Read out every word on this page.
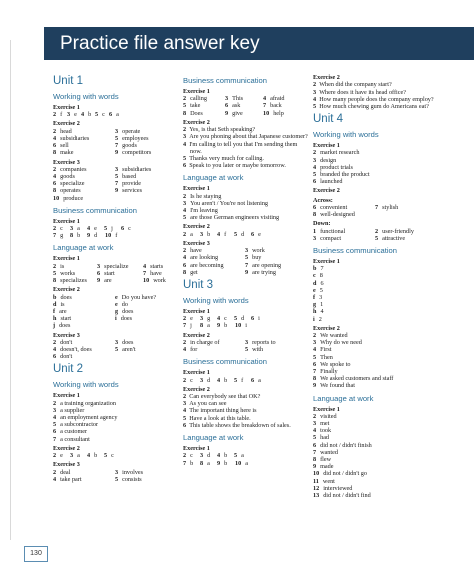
Practice file answer key
Unit 1
Working with words
Exercise 1
2 f 3 e 4 b 5 c 6 a
Exercise 2
2 head	3 operate
4 subsidiaries	5 employees
6 sell	7 goods
8 make	9 competitors
Exercise 3
2 companies	3 subsidiaries
4 goods	5 based
6 specialize	7 provide
8 operates	9 services
10 produce
Business communication
Exercise 1
2 c 3 a 4 e 5 j 6 c
7 g 8 b 9 d 10 f
Language at work
Exercise 1
2 is	3 specialize 4 starts
5 works	6 start	7 have
8 specializes 9 are	10 work
Exercise 2
b does	e Do you have?
d is	e do
f are	g does
h start	i does
j does
Exercise 3
2 don't	3 does
4 doesn't, does	5 aren't
6 don't
Unit 2
Working with words
Exercise 1
2 a training organization
3 a supplier
4 an employment agency
5 a subcontractor
6 a customer
7 a consultant
Exercise 2
2 e 3 a 4 b 5 c
Exercise 3
2 deal	3 involves
4 take part	5 consists
Business communication
Exercise 1
2 calling	3 This	4 afraid
5 take	6 ask	7 back
8 Does	9 give	10 help
Exercise 2
2  Yes, is that Seth speaking?
3  Are you phoning about that Japanese customer?
4  I'm calling to tell you that I'm sending them now.
5  Thanks very much for calling.
6  Speak to you later or maybe tomorrow.
Language at work
Exercise 1
2 Is he staying
3 You aren't / You're not listening
4 I'm leaving
5 are those German engineers visiting
Exercise 2
2 a 3 b 4 f 5 d 6 e
Exercise 3
2 have	3 work
4 are looking	5 buy
6 are becoming	7 are opening
8 get	9 are trying
Unit 3
Working with words
Exercise 1
2 e 3 g 4 c 5 d 6 i
7 j 8 a 9 b 10 i
Exercise 2
2 in charge of	3 reports to
4 for	5 with
Business communication
Exercise 1
2 c 3 d 4 b 5 f 6 a
Exercise 2
2  Can everybody see that OK?
3  As you can see
4  The important thing here is
5  Have a look at this table.
6  This table shows the breakdown of sales.
Language at work
Exercise 1
2 c 3 d 4 b 5 a
7 b 8 a 9 b 10 a
Exercise 2
2  When did the company start?
3  Where does it have its head office?
4  How many people does the company employ?
5  How much chewing gum do Americans eat?
Unit 4
Working with words
Exercise 1
2 market research
3 design
4 product trials
5 branded the product
6 launched
Exercise 2
Across:
6 convenient	7 stylish
8 well-designed
Down:
1 functional	2 user-friendly
3 compact	5 attractive
Business communication
Exercise 1
b 7
c 8
d 6
e 5
f 3
g 1
h 4
i 2
Exercise 2
2 We wanted
3 Why do we need
4 First
5 Then
6 We spoke to
7 Finally
8 We asked customers and staff
9 We found that
Language at work
Exercise 1
2 visited
3 met
4 took
5 had
6 did not / didn't finish
7 wanted
8 flew
9 made
10 did not / didn't go
11 went
12 interviewed
13 did not / didn't find
130
